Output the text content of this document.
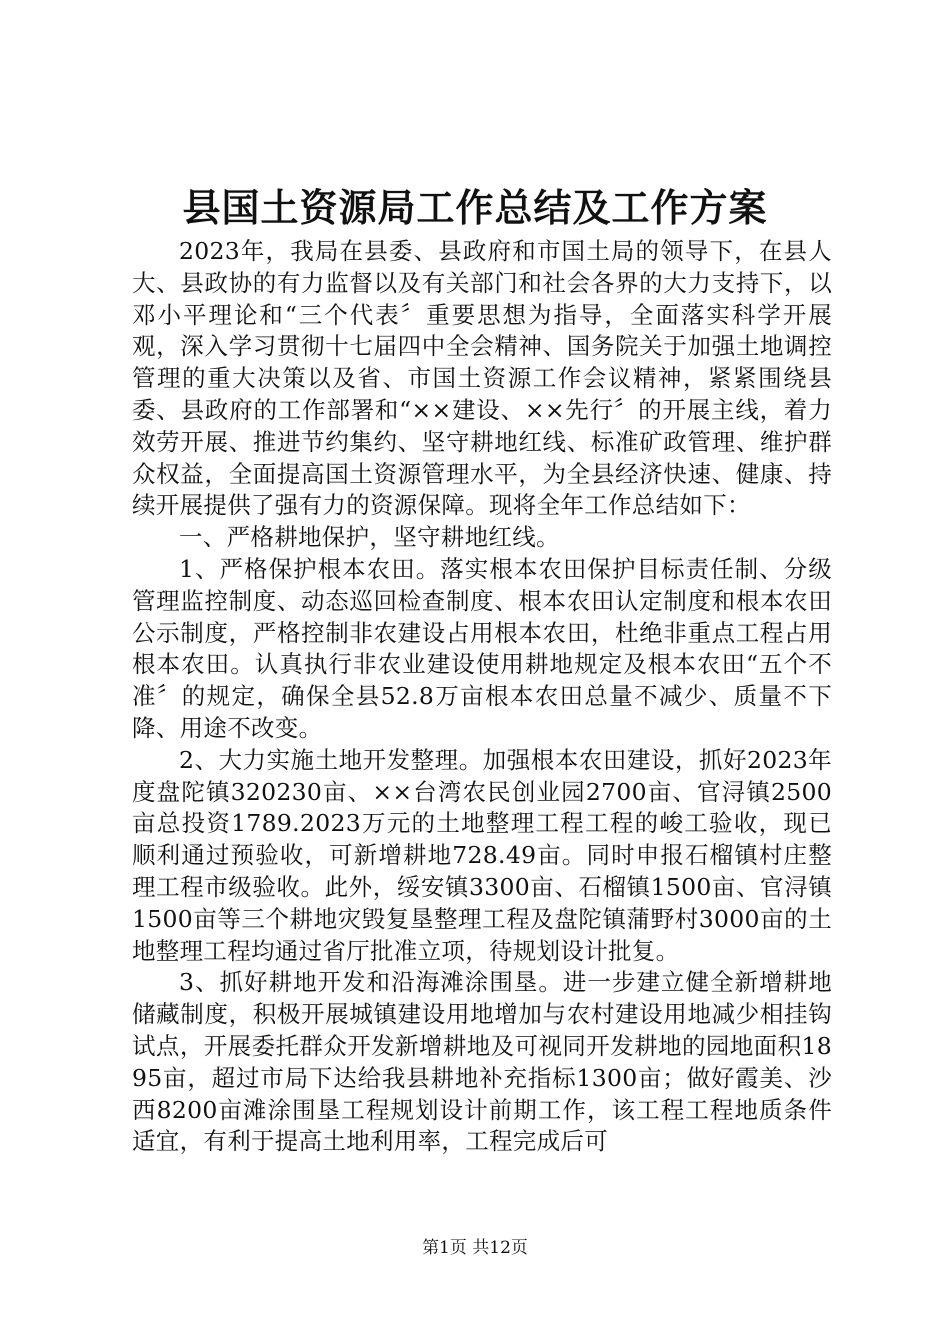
县国土资源局工作总结及工作方案

2023年，我局在县委、县政府和市国土局的领导下，在县人大、县政协的有力监督以及有关部门和社会各界的大力支持下，以邓小平理论和“三个代表〞重要思想为指导，全面落实科学开展观，深入学习贯彻十七届四中全会精神、国务院关于加强土地调控管理的重大决策以及省、市国土资源工作会议精神，紧紧围绕县委、县政府的工作部署和“××建设、××先行〞的开展主线，着力效劳开展、推进节约集约、坚守耕地红线、标准矿政管理、维护群众权益，全面提高国土资源管理水平，为全县经济快速、健康、持续开展提供了强有力的资源保障。现将全年工作总结如下：

一、严格耕地保护，坚守耕地红线。

1、严格保护根本农田。落实根本农田保护目标责任制、分级管理监控制度、动态巡回检查制度、根本农田认定制度和根本农田公示制度，严格控制非农建设占用根本农田，杜绝非重点工程占用根本农田。认真执行非农业建设使用耕地规定及根本农田“五个不准〞的规定，确保全县52.8万亩根本农田总量不减少、质量不下降、用途不改变。

2、大力实施土地开发整理。加强根本农田建设，抓好2023年度盘陀镇320230亩、××台湾农民创业园2700亩、官浔镇2500亩总投资1789.2023万元的土地整理工程工程的峻工验收，现已顺利通过预验收，可新增耕地728.49亩。同时申报石榴镇村庄整理工程市级验收。此外，绥安镇3300亩、石榴镇1500亩、官浔镇1500亩等三个耕地灾毁复垦整理工程及盘陀镇蒲野村3000亩的土地整理工程均通过省厅批准立项，待规划设计批复。

3、抓好耕地开发和沿海滩涂围垦。进一步建立健全新增耕地储藏制度，积极开展城镇建设用地增加与农村建设用地减少相挂钩试点，开展委托群众开发新增耕地及可视同开发耕地的园地面积1895亩，超过市局下达给我县耕地补充指标1300亩；做好霞美、沙西8200亩滩涂围垦工程规划设计前期工作，该工程工程地质条件适宜，有利于提高土地利用率，工程完成后可

第1页 共12页
